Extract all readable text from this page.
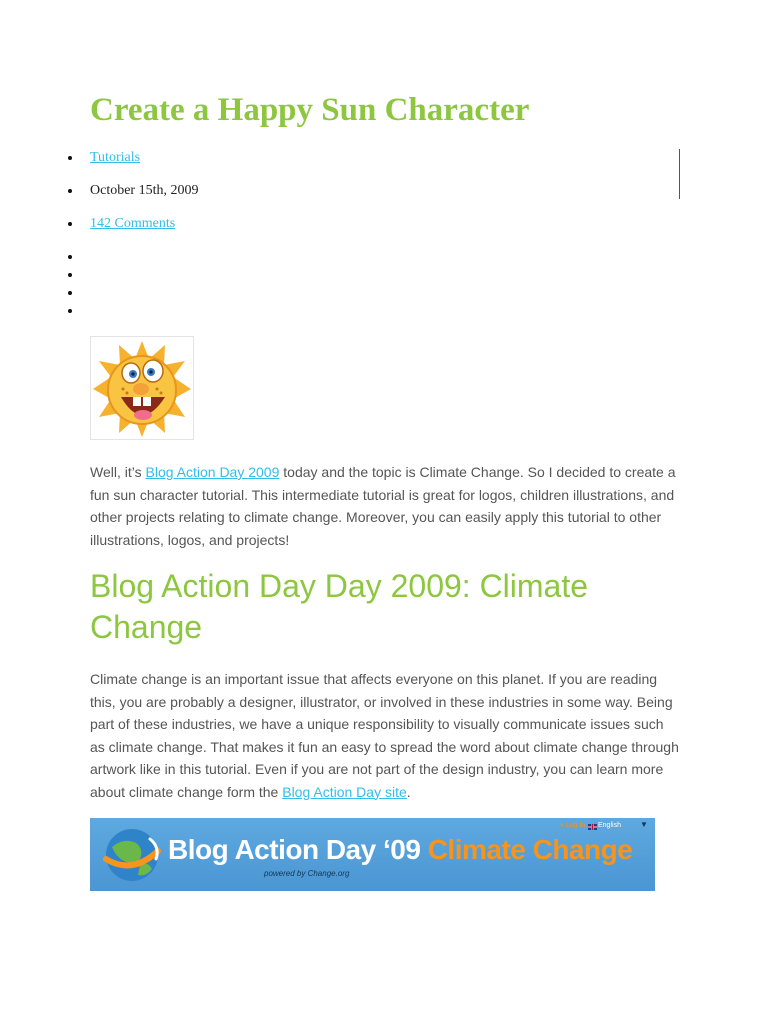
Create a Happy Sun Character
Tutorials
October 15th, 2009
142 Comments

Well, it’s Blog Action Day 2009 today and the topic is Climate Change. So I decided to create a fun sun character tutorial. This intermediate tutorial is great for logos, children illustrations, and other projects relating to climate change. Moreover, you can easily apply this tutorial to other illustrations, logos, and projects!

Blog Action Day Day 2009: Climate Change

Climate change is an important issue that affects everyone on this planet. If you are reading this, you are probably a designer, illustrator, or involved in these industries in some way. Being part of these industries, we have a unique responsibility to visually communicate issues such as climate change. That makes it fun an easy to spread the word about climate change through artwork like in this tutorial. Even if you are not part of the design industry, you can learn more about climate change form the Blog Action Day site.

Blog Action Day ‘09 Climate Change
powered by Change.org
» Log In English ▼
